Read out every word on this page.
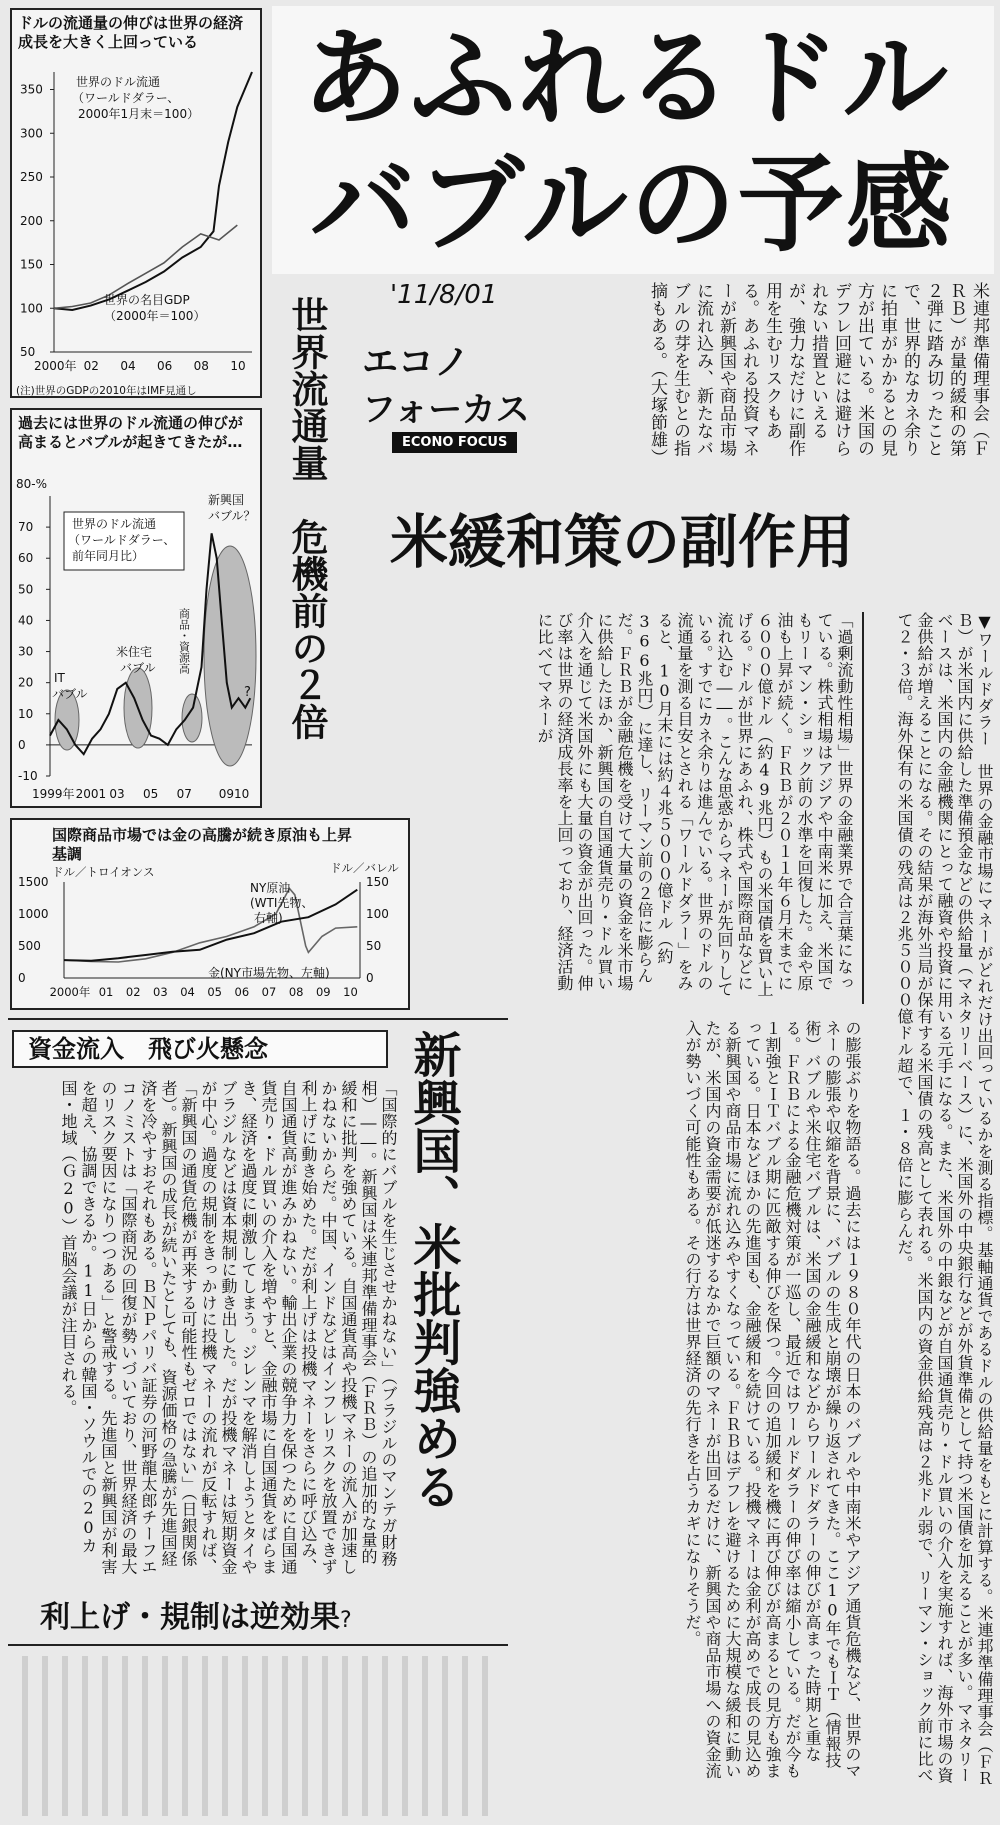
ドルの流通量の伸びは世界の経済成長を大きく上回っている
350
300
250
200
150
100
50
2000年 02 04 06 08 10
世界のドル流通
（ワールドダラー、
2000年1月末＝100）
世界の名目GDP
（2000年＝100）
(注)世界のGDPの2010年はIMF見通し
過去には世界のドル流通の伸びが高まるとバブルが起きてきたが…
80-%
70
60
50
40
30
20
10
0
-10
1999年 2001 03 05 07 0910
世界のドル流通
（ワールドダラー、
前年同月比）
IT
バブル
米住宅
バブル 商品・資源高
新興国
バブル？
?
国際商品市場では金の高騰が続き原油も上昇基調
ドル／トロイオンス	ドル／バレル
1500
1000
500
0
150
100
50
0
2000年 01 02 03 04 05 06 07 08 09 10
NY原油
(WTI先物、
右軸)
金(NY市場先物、左軸)
あふれるドル
バブルの予感
世界流通量　危機前の２倍
'11/8/01
エコノ
フォーカス
ECONO FOCUS	米連邦準備理事会（ＦＲＢ）が量的緩和の第２弾に踏み切ったことで、世界的なカネ余りに拍車がかかるとの見方が出ている。米国のデフレ回避には避けられない措置といえるが、強力なだけに副作用を生むリスクもある。あふれる投資マネーが新興国や商品市場に流れ込み、新たなバブルの芽を生むとの指摘もある。（大塚節雄）
米緩和策の副作用
「過剰流動性相場」世界の金融業界で合言葉になっている。株式相場はアジアや中南米に加え、米国でもリーマン・ショック前の水準を回復した。金や原油も上昇が続く。ＦＲＢが２０１１年６月末までに６０００億ドル（約49兆円）もの米国債を買い上げる。ドルが世界にあふれ、株式や国際商品などに流れ込む――。こんな思惑からマネーが先回りしている。すでにカネ余りは進んでいる。世界のドルの流通量を測る目安とされる「ワールドダラー」をみると、10月末には約４兆５０００億ドル（約366兆円）に達し、リーマン前の２倍に膨らんだ。ＦＲＢが金融危機を受けて大量の資金を米市場に供給したほか、新興国の自国通貨売り・ドル買い介入を通じて米国外にも大量の資金が出回った。伸び率は世界の経済成長率を上回っており、経済活動に比べてマネーが	▼ワールドダラー　世界の金融市場にマネーがどれだけ出回っているかを測る指標。基軸通貨であるドルの供給量をもとに計算する。米連邦準備理事会（ＦＲＢ）が米国内に供給した準備預金などの供給量（マネタリーベース）に、米国外の中央銀行などが外貨準備として持つ米国債を加えることが多い。マネタリーベースは、米国内の金融機関にとって融資や投資に用いる元手になる。また、米国外の中銀などが自国通貨売り・ドル買いの介入を実施すれば、海外市場の資金供給が増えることになる。その結果が海外当局が保有する米国債の残高として表れる。米国内の資金供給残高は２兆ドル弱で、リーマン・ショック前に比べて２・３倍。海外保有の米国債の残高は２兆５０００億ドル超で、１・８倍に膨らんだ。
資金流入　飛び火懸念	の膨張ぶりを物語る。過去には１９８０年代の日本のバブルや中南米やアジア通貨危機など、世界のマネーの膨張や収縮を背景に、バブルの生成と崩壊が繰り返されてきた。ここ10年でもＩＴ（情報技術）バブルや米住宅バブルは、米国の金融緩和などからワールドダラーの伸びが高まった時期と重なる。ＦＲＢによる金融危機対策が一巡し、最近ではワールドダラーの伸び率は縮小している。だが今も１割強とＩＴバブル期に匹敵する伸びを保つ。今回の追加緩和を機に再び伸びが高まるとの見方も強まっている。日本などほかの先進国も、金融緩和を続けている。投機マネーは金利が高めで成長の見込める新興国や商品市場に流れ込みやすくなっている。ＦＲＢはデフレを避けるために大規模な緩和に動いたが、米国内の資金需要が低迷するなかで巨額のマネーが出回るだけに、新興国や商品市場への資金流入が勢いづく可能性もある。その行方は世界経済の先行きを占うカギになりそうだ。
新興国、米批判強める
「国際的にバブルを生じさせかねない」（ブラジルのマンテガ財務相）――。新興国は米連邦準備理事会（ＦＲＢ）の追加的な量的緩和に批判を強めている。自国通貨高や投機マネーの流入が加速しかねないからだ。中国、インドなどはインフレリスクを放置できず利上げに動き始めた。だが利上げは投機マネーをさらに呼び込み、自国通貨高が進みかねない。輸出企業の競争力を保つために自国通貨売り・ドル買いの介入を増やすと、金融市場に自国通貨をばらまき、経済を過度に刺激してしまう。ジレンマを解消しようとタイやブラジルなどは資本規制に動き出した。だが投機マネーは短期資金が中心。過度の規制をきっかけに投機マネーの流れが反転すれば、「新興国の通貨危機が再来する可能性もゼロではない」（日銀関係者）。新興国の成長が続いたとしても、資源価格の急騰が先進国経済を冷やすおそれもある。ＢＮＰパリバ証券の河野龍太郎チーフエコノミストは「国際商況の回復が勢いづいており、世界経済の最大のリスク要因になりつつある」と警戒する。先進国と新興国が利害を超え、協調できるか。11日からの韓国・ソウルでの20カ国・地域（Ｇ20）首脳会議が注目される。
利上げ・規制は逆効果?
